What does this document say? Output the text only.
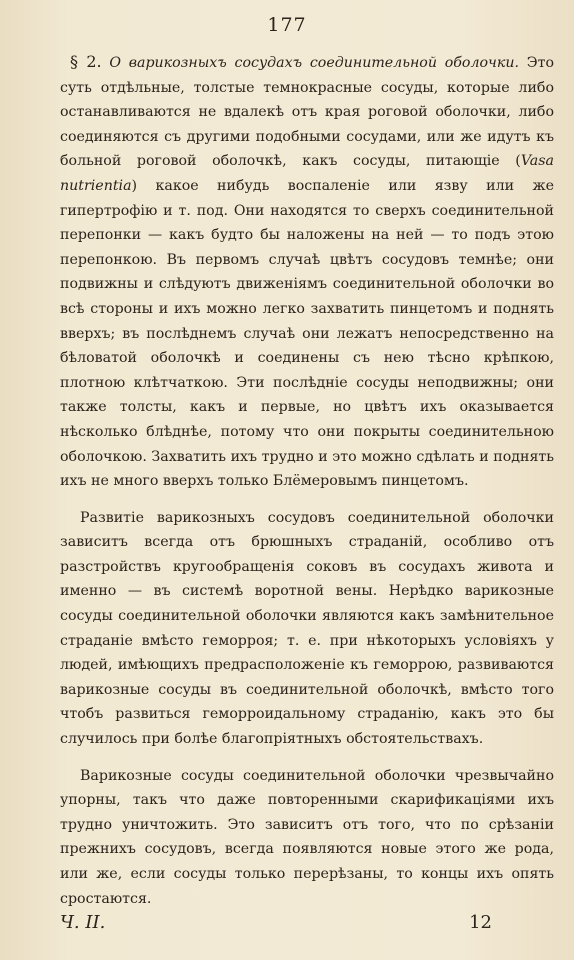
177

§ 2. О варикозныхъ сосудахъ соединительной оболочки. Это суть отдѣльные, толстые темнокрасные сосуды, которые либо останавливаются не вдалекѣ отъ края роговой оболочки, либо соединяются съ другими подобными сосудами, или же идутъ къ больной роговой оболочкѣ, какъ сосуды, питающіе (Vasa nutrientia) какое нибудь воспаленіе или язву или же гипертрофію и т. под. Они находятся то сверхъ соединительной перепонки — какъ будто бы наложены на ней — то подъ этою перепонкою. Въ первомъ случаѣ цвѣтъ сосудовъ темнѣе; они подвижны и слѣдуютъ движеніямъ соединительной оболочки во всѣ стороны и ихъ можно легко захватить пинцетомъ и поднять вверхъ; въ послѣднемъ случаѣ они лежатъ непосредственно на бѣловатой оболочкѣ и соединены съ нею тѣсно крѣпкою, плотною клѣтчаткою. Эти послѣдніе сосуды неподвижны; они также толсты, какъ и первые, но цвѣтъ ихъ оказывается нѣсколько блѣднѣе, потому что они покрыты соединительною оболочкою. Захватить ихъ трудно и это можно сдѣлать и поднять ихъ не много вверхъ только Блёмеровымъ пинцетомъ.

Развитіе варикозныхъ сосудовъ соединительной оболочки зависитъ всегда отъ брюшныхъ страданій, особливо отъ разстройствъ кругообращенія соковъ въ сосудахъ живота и именно — въ системѣ воротной вены. Нерѣдко варикозные сосуды соединительной оболочки являются какъ замѣнительное страданіе вмѣсто геморроя; т. е. при нѣкоторыхъ условіяхъ у людей, имѣющихъ предрасположеніе къ геморрою, развиваются варикозные сосуды въ соединительной оболочкѣ, вмѣсто того чтобъ развиться геморроидальному страданію, какъ это бы случилось при болѣе благопріятныхъ обстоятельствахъ.

Варикозные сосуды соединительной оболочки чрезвычайно упорны, такъ что даже повторенными скарификаціями ихъ трудно уничтожить. Это зависитъ отъ того, что по срѣзаніи прежнихъ сосудовъ, всегда появляются новые этого же рода, или же, если сосуды только перерѣзаны, то концы ихъ опять сростаются.

Ч. II.	12
